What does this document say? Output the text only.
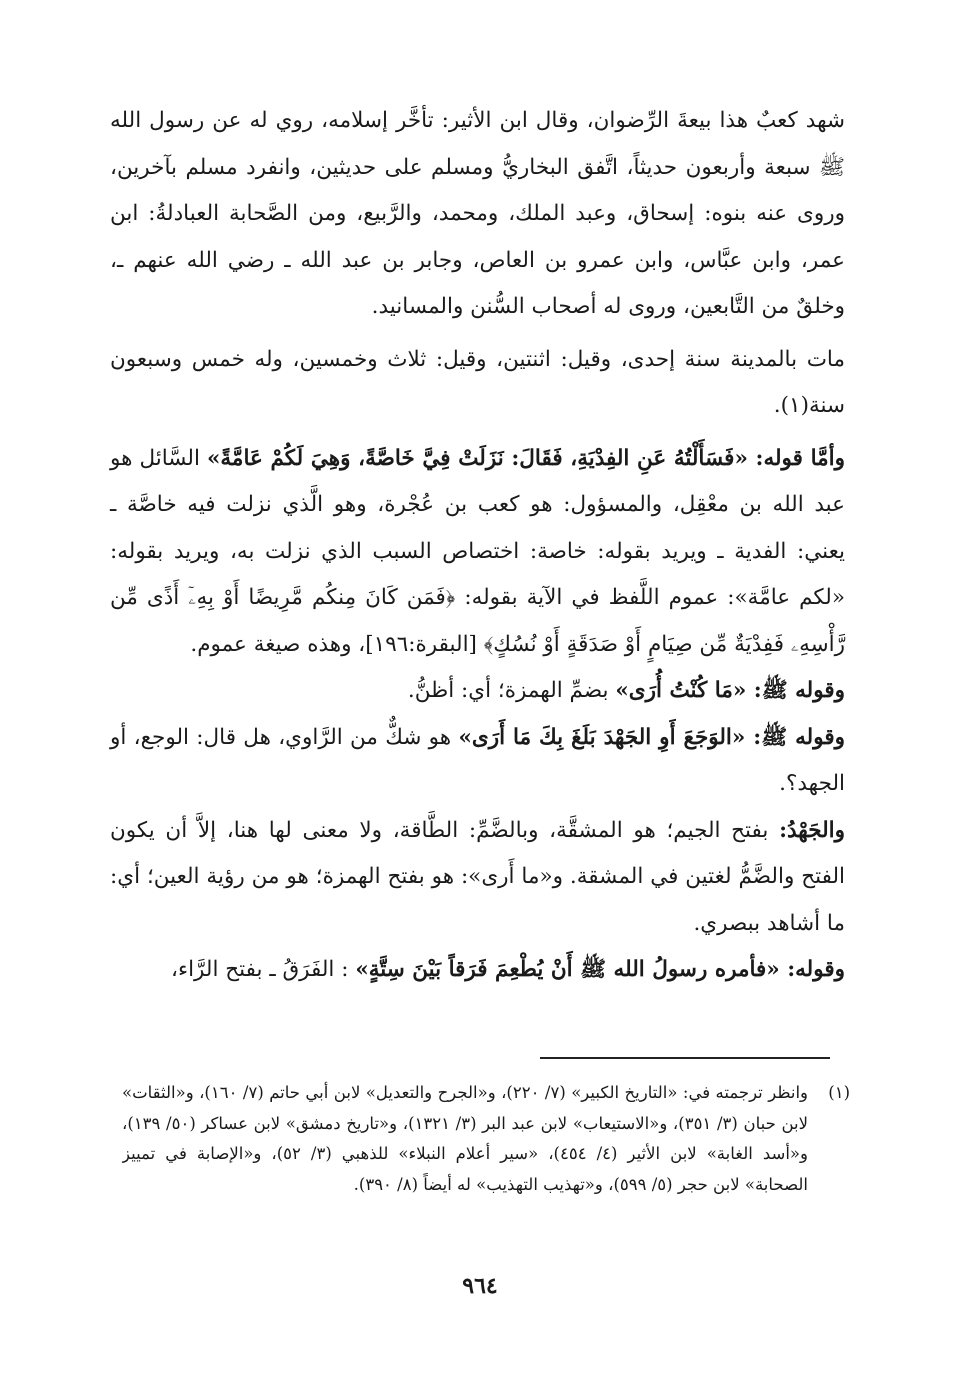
شهد كعبٌ هذا بيعةَ الرِّضوان، وقال ابن الأثير: تأخَّر إسلامه، روي له عن رسول الله ﷺ سبعة وأربعون حديثاً، اتَّفق البخاريُّ ومسلم على حديثين، وانفرد مسلم بآخرين، وروى عنه بنوه: إسحاق، وعبد الملك، ومحمد، والرَّبيع، ومن الصَّحابة العبادلةُ: ابن عمر، وابن عبَّاس، وابن عمرو بن العاص، وجابر بن عبد الله ـ رضي الله عنهم ـ، وخلقٌ من التَّابعين، وروى له أصحاب السُّنن والمسانيد.

مات بالمدينة سنة إحدى، وقيل: اثنتين، وقيل: ثلاث وخمسين، وله خمس وسبعون سنة(١).

وأمَّا قوله: «فَسَأَلْتُهُ عَنِ الفِدْيَةِ، فَقَالَ: نَزَلَتْ فِيَّ خَاصَّةً، وَهِيَ لَكُمْ عَامَّةً» السَّائل هو عبد الله بن معْقِل، والمسؤول: هو كعب بن عُجْرة، وهو الَّذي نزلت فيه خاصَّة ـ يعني: الفدية ـ ويريد بقوله: خاصة: اختصاص السبب الذي نزلت به، ويريد بقوله: «لكم عامَّة»: عموم اللَّفظ في الآية بقوله: ﴿فَمَن كَانَ مِنكُم مَّرِيضًا أَوْ بِهِۦٓ أَذًى مِّن رَّأْسِهِۦ فَفِدْيَةٌ مِّن صِيَامٍ أَوْ صَدَقَةٍ أَوْ نُسُكٍ﴾ [البقرة:١٩٦]، وهذه صيغة عموم.

وقوله ﷺ: «مَا كُنْتُ أُرَى» بضمِّ الهمزة؛ أي: أظنُّ.

وقوله ﷺ: «الوَجَعَ أَوِ الجَهْدَ بَلَغَ بِكَ مَا أَرَى» هو شكٌّ من الرَّاوي، هل قال: الوجع، أو الجهد؟.

والجَهْدُ: بفتح الجيم؛ هو المشقَّة، وبالضَّمِّ: الطَّاقة، ولا معنى لها هنا، إلاَّ أن يكون الفتح والضَّمُّ لغتين في المشقة. و«ما أَرى»: هو بفتح الهمزة؛ هو من رؤية العين؛ أي: ما أشاهد ببصري.

وقوله: «فأمره رسولُ الله ﷺ أَنْ يُطْعِمَ فَرَقاً بَيْنَ سِتَّةٍ» : الفَرَقُ ـ بفتح الرَّاء،

(١)
وانظر ترجمته في: «التاريخ الكبير» (٧/ ٢٢٠)، و«الجرح والتعديل» لابن أبي حاتم (٧/ ١٦٠)، و«الثقات» لابن حبان (٣/ ٣٥١)، و«الاستيعاب» لابن عبد البر (٣/ ١٣٢١)، و«تاريخ دمشق» لابن عساكر (٥٠/ ١٣٩)، و«أسد الغابة» لابن الأثير (٤/ ٤٥٤)، «سير أعلام النبلاء» للذهبي (٣/ ٥٢)، و«الإصابة في تمييز الصحابة» لابن حجر (٥/ ٥٩٩)، و«تهذيب التهذيب» له أيضاً (٨/ ٣٩٠).
٩٦٤
